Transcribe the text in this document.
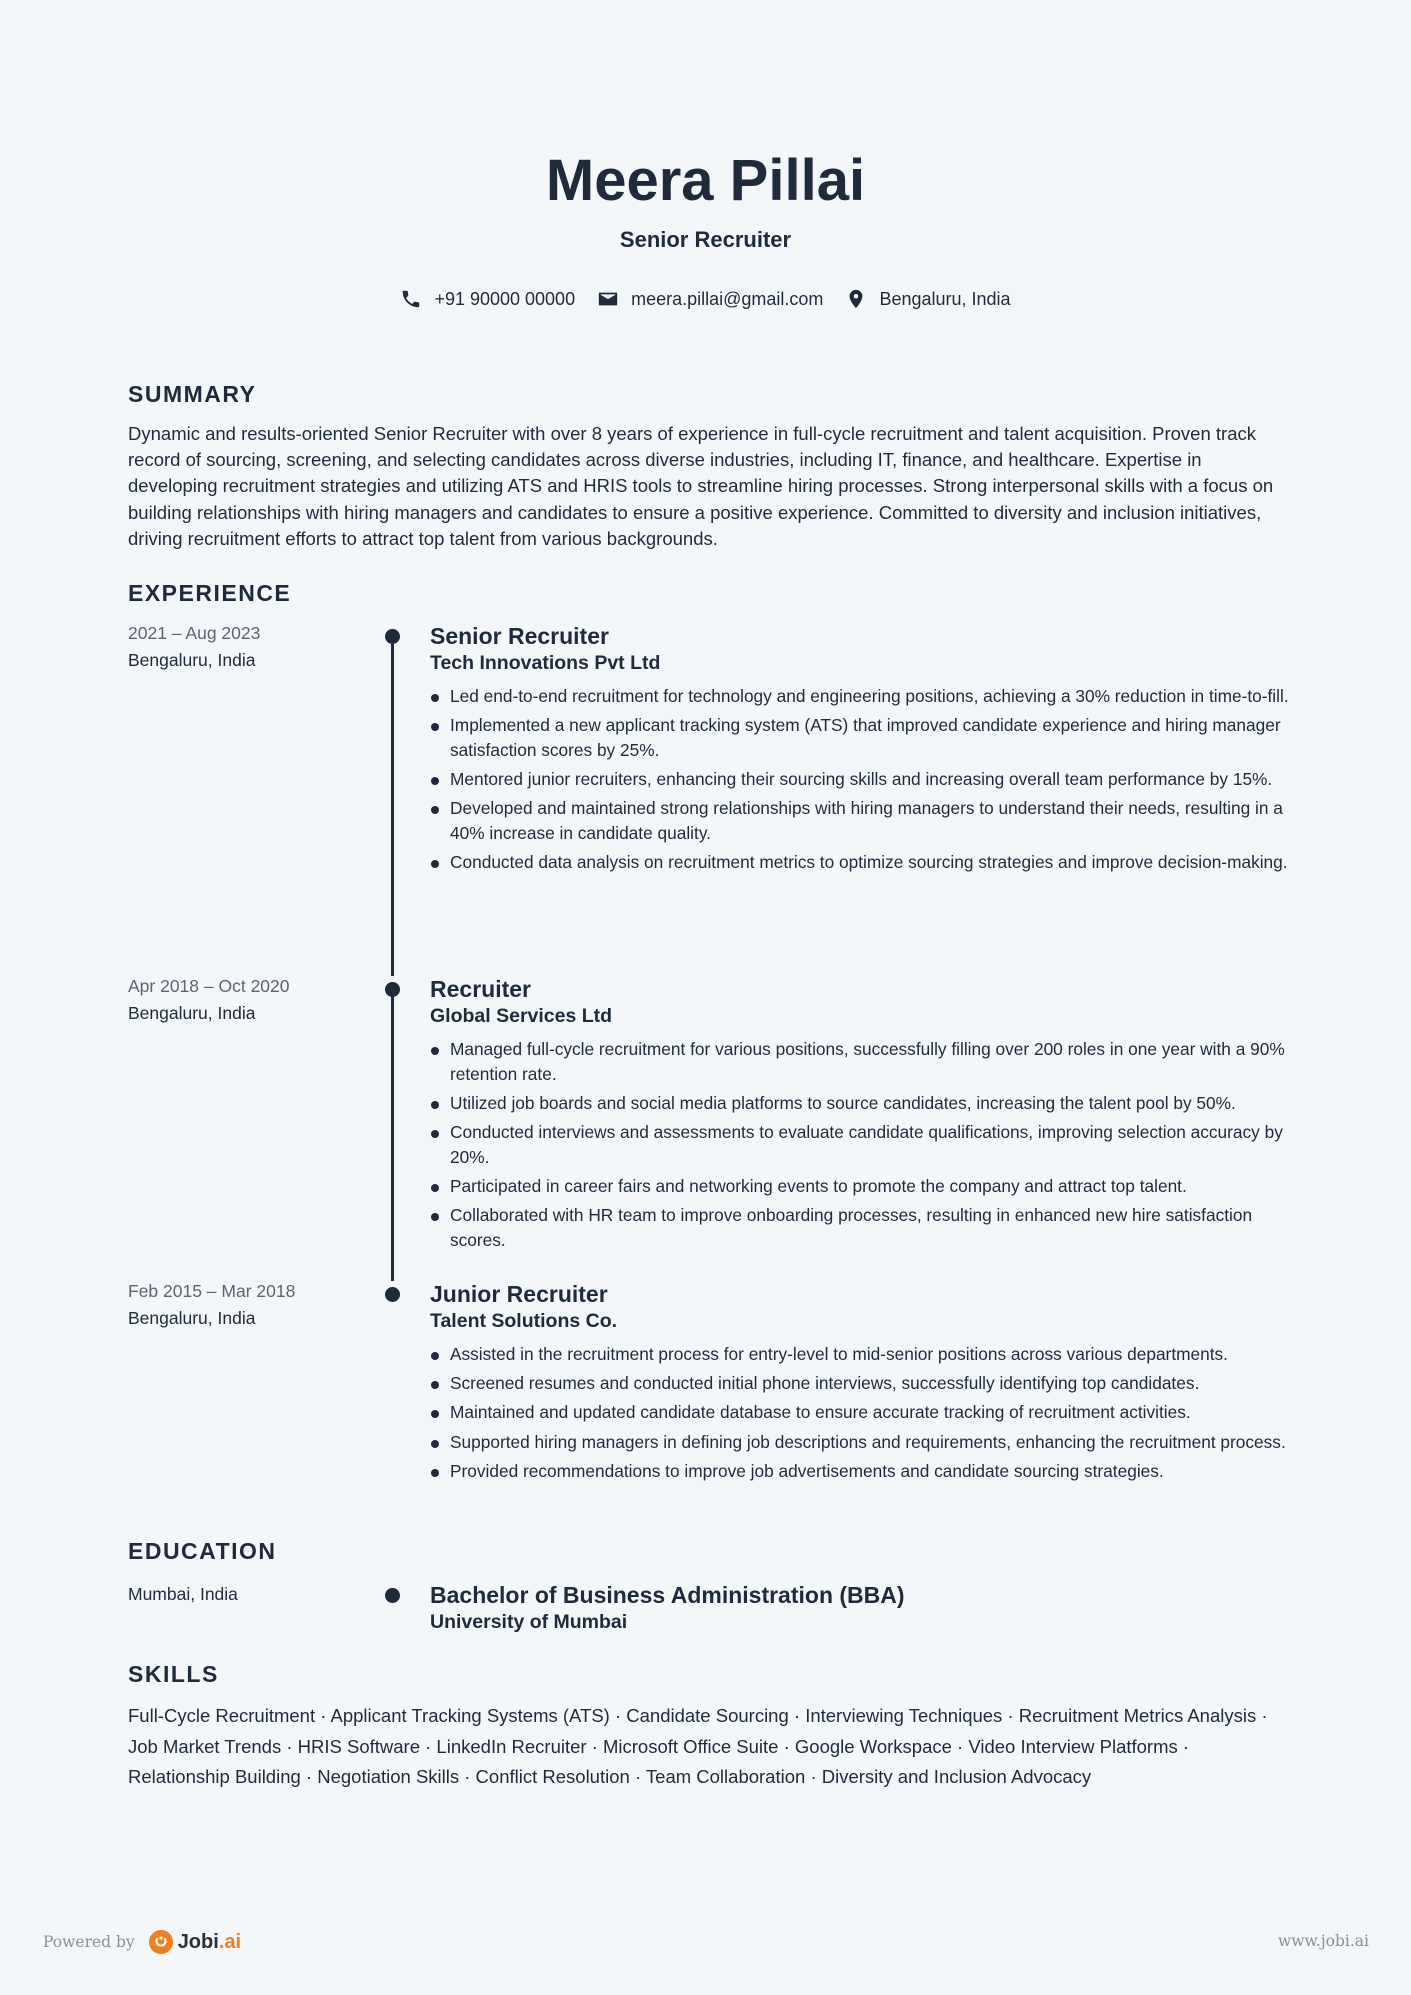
Meera Pillai
Senior Recruiter
+91 90000 00000	meera.pillai@gmail.com	Bengaluru, India
SUMMARY

Dynamic and results-oriented Senior Recruiter with over 8 years of experience in full-cycle recruitment and talent acquisition. Proven track record of sourcing, screening, and selecting candidates across diverse industries, including IT, finance, and healthcare. Expertise in developing recruitment strategies and utilizing ATS and HRIS tools to streamline hiring processes. Strong interpersonal skills with a focus on building relationships with hiring managers and candidates to ensure a positive experience. Committed to diversity and inclusion initiatives, driving recruitment efforts to attract top talent from various backgrounds.

EXPERIENCE
2021 – Aug 2023
Bengaluru, India
Senior Recruiter
Tech Innovations Pvt Ltd
Led end-to-end recruitment for technology and engineering positions, achieving a 30% reduction in time-to-fill.
Implemented a new applicant tracking system (ATS) that improved candidate experience and hiring manager satisfaction scores by 25%.
Mentored junior recruiters, enhancing their sourcing skills and increasing overall team performance by 15%.
Developed and maintained strong relationships with hiring managers to understand their needs, resulting in a 40% increase in candidate quality.
Conducted data analysis on recruitment metrics to optimize sourcing strategies and improve decision-making.
Apr 2018 – Oct 2020
Bengaluru, India
Recruiter
Global Services Ltd
Managed full-cycle recruitment for various positions, successfully filling over 200 roles in one year with a 90% retention rate.
Utilized job boards and social media platforms to source candidates, increasing the talent pool by 50%.
Conducted interviews and assessments to evaluate candidate qualifications, improving selection accuracy by 20%.
Participated in career fairs and networking events to promote the company and attract top talent.
Collaborated with HR team to improve onboarding processes, resulting in enhanced new hire satisfaction scores.
Feb 2015 – Mar 2018
Bengaluru, India
Junior Recruiter
Talent Solutions Co.
Assisted in the recruitment process for entry-level to mid-senior positions across various departments.
Screened resumes and conducted initial phone interviews, successfully identifying top candidates.
Maintained and updated candidate database to ensure accurate tracking of recruitment activities.
Supported hiring managers in defining job descriptions and requirements, enhancing the recruitment process.
Provided recommendations to improve job advertisements and candidate sourcing strategies.
EDUCATION
Mumbai, India	Bachelor of Business Administration (BBA)
University of Mumbai
SKILLS

Full-Cycle Recruitment · Applicant Tracking Systems (ATS) · Candidate Sourcing · Interviewing Techniques · Recruitment Metrics Analysis · Job Market Trends · HRIS Software · LinkedIn Recruiter · Microsoft Office Suite · Google Workspace · Video Interview Platforms · Relationship Building · Negotiation Skills · Conflict Resolution · Team Collaboration · Diversity and Inclusion Advocacy

Powered by Jobi .ai	www.jobi.ai
